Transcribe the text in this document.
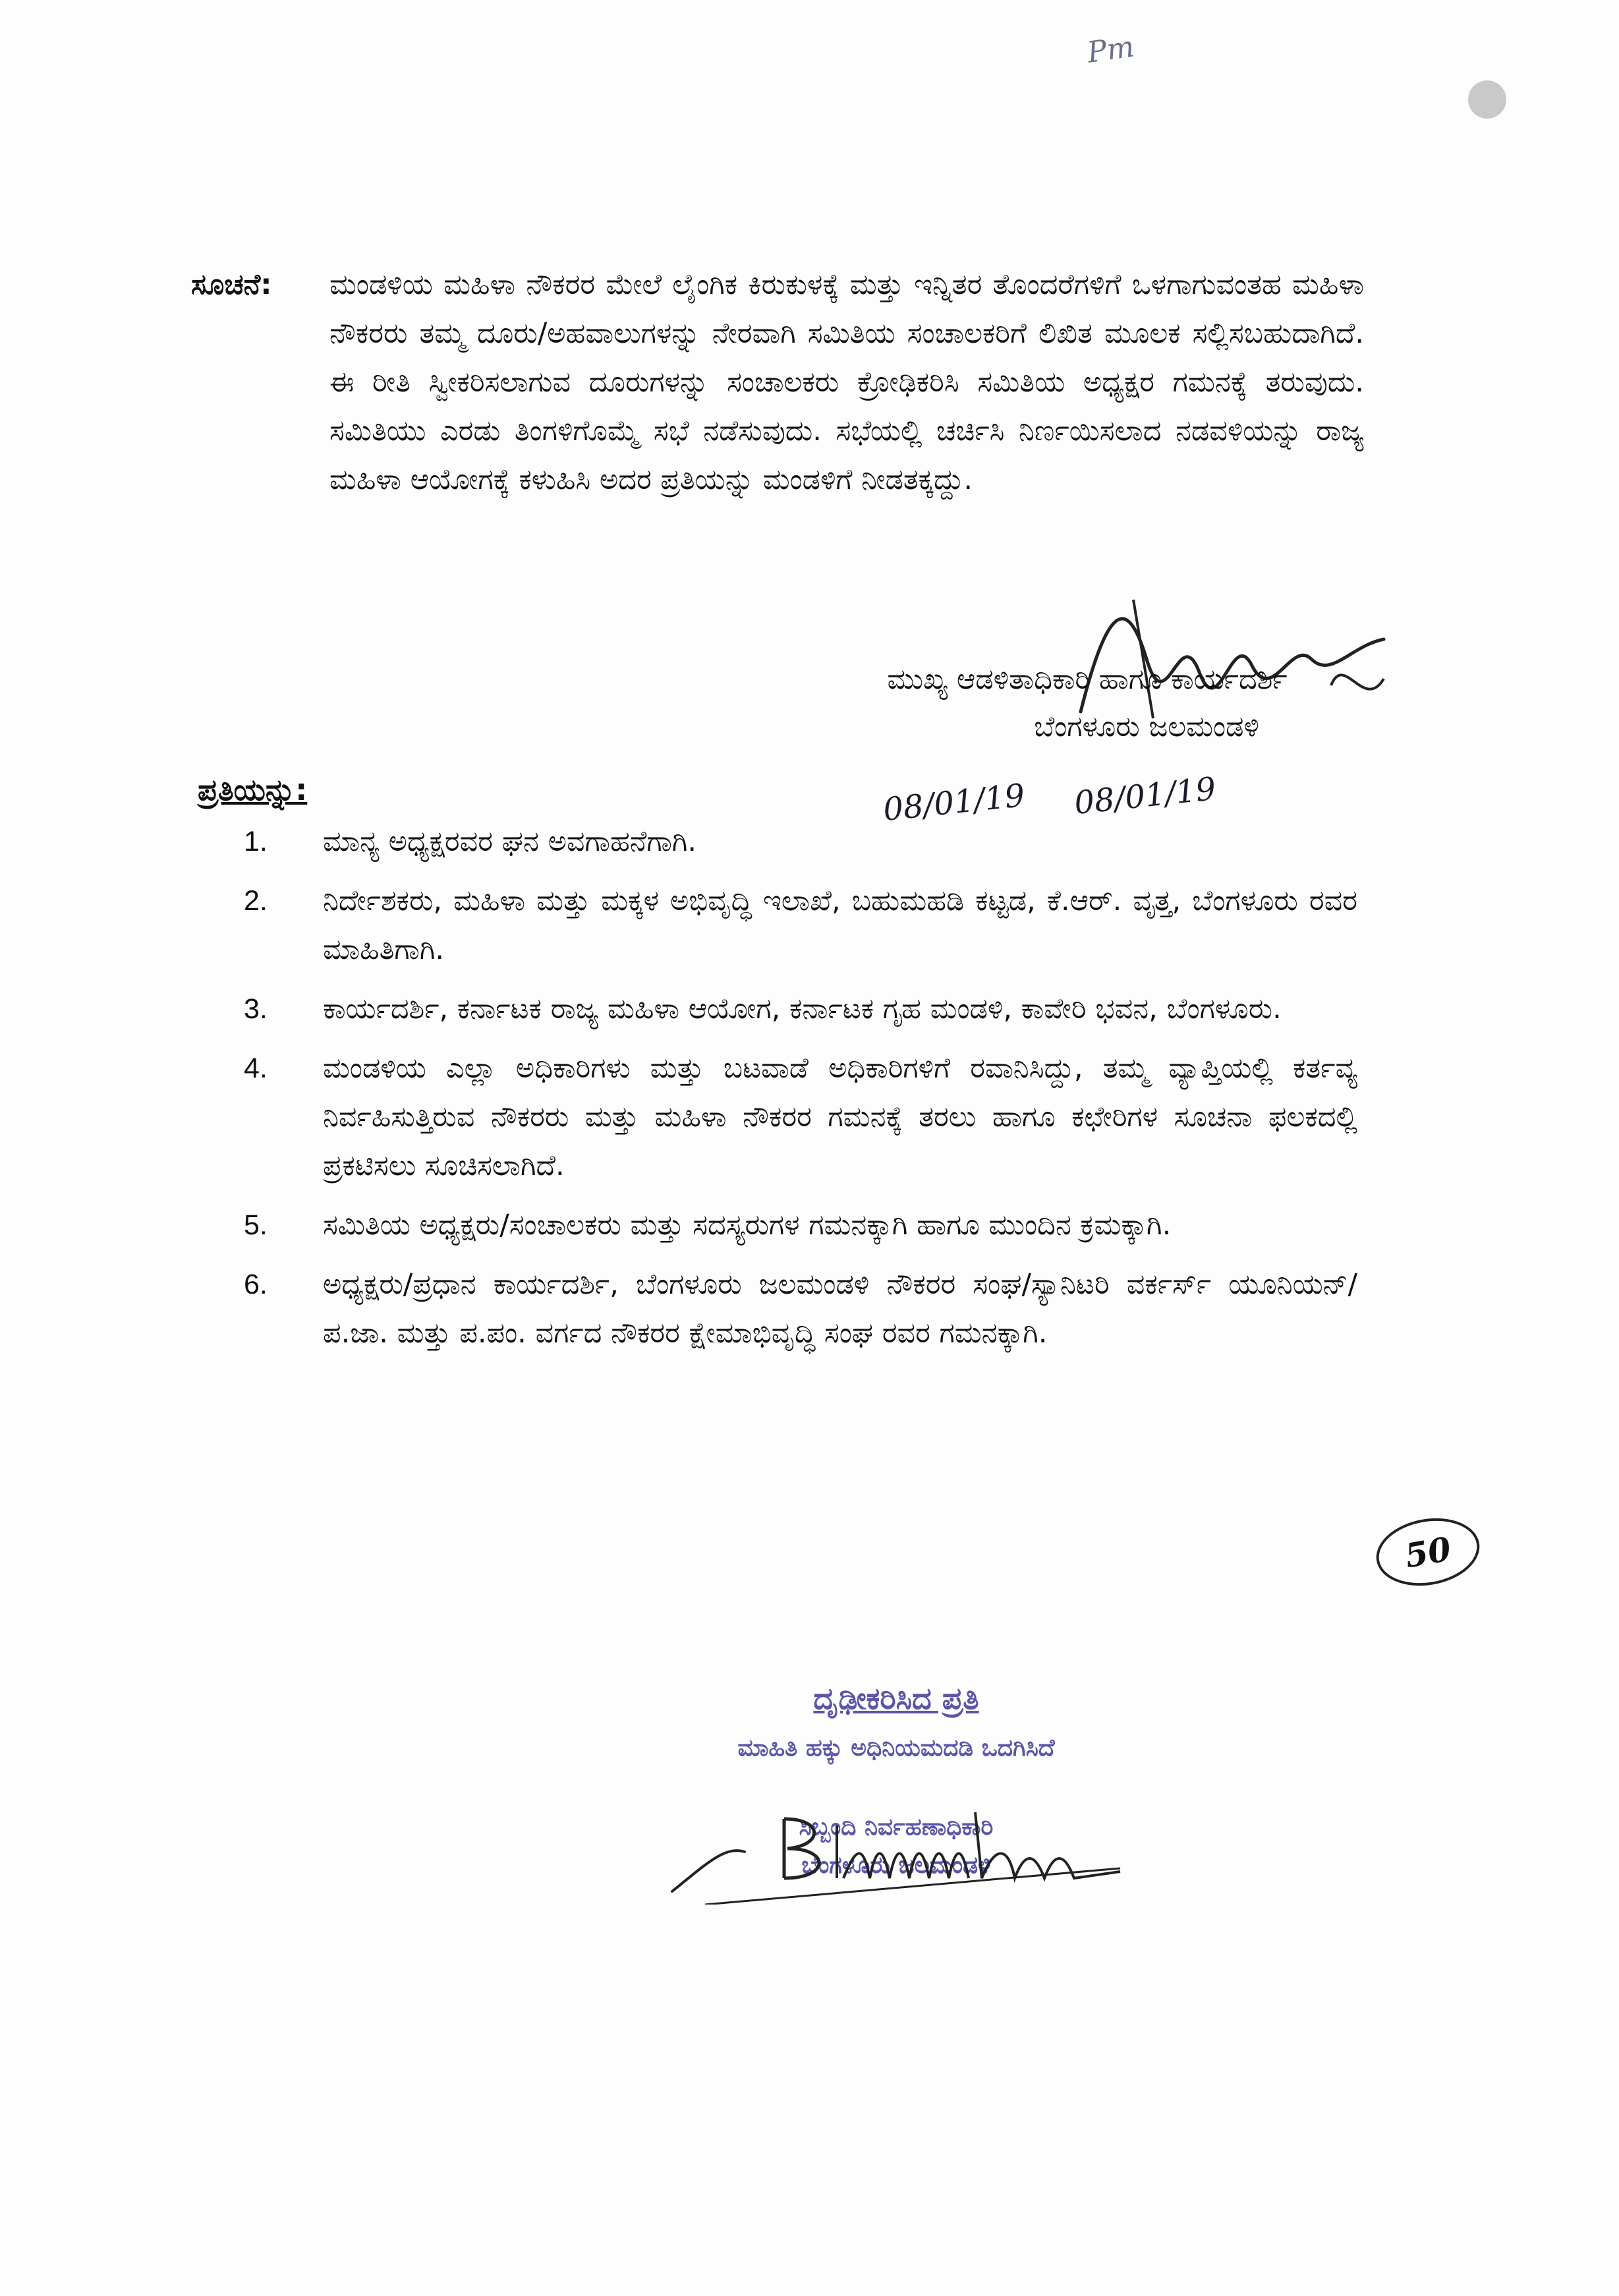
Pm
ಸೂಚನೆ: ಮಂಡಳಿಯ ಮಹಿಳಾ ನೌಕರರ ಮೇಲೆ ಲೈಂಗಿಕ ಕಿರುಕುಳಕ್ಕೆ ಮತ್ತು ಇನ್ನಿತರ ತೊಂದರೆಗಳಿಗೆ ಒಳಗಾಗುವಂತಹ ಮಹಿಳಾ ನೌಕರರು ತಮ್ಮ ದೂರು/ಅಹವಾಲುಗಳನ್ನು ನೇರವಾಗಿ ಸಮಿತಿಯ ಸಂಚಾಲಕರಿಗೆ ಲಿಖಿತ ಮೂಲಕ ಸಲ್ಲಿಸಬಹುದಾಗಿದೆ. ಈ ರೀತಿ ಸ್ವೀಕರಿಸಲಾಗುವ ದೂರುಗಳನ್ನು ಸಂಚಾಲಕರು ಕ್ರೋಢಿಕರಿಸಿ ಸಮಿತಿಯ ಅಧ್ಯಕ್ಷರ ಗಮನಕ್ಕೆ ತರುವುದು. ಸಮಿತಿಯು ಎರಡು ತಿಂಗಳಿಗೊಮ್ಮೆ ಸಭೆ ನಡೆಸುವುದು. ಸಭೆಯಲ್ಲಿ ಚರ್ಚಿಸಿ ನಿರ್ಣಯಿಸಲಾದ ನಡವಳಿಯನ್ನು ರಾಜ್ಯ ಮಹಿಳಾ ಆಯೋಗಕ್ಕೆ ಕಳುಹಿಸಿ ಅದರ ಪ್ರತಿಯನ್ನು ಮಂಡಳಿಗೆ ನೀಡತಕ್ಕದ್ದು.
ಮುಖ್ಯ ಆಡಳಿತಾಧಿಕಾರಿ ಹಾಗೂ ಕಾರ್ಯದರ್ಶಿ
ಬೆಂಗಳೂರು ಜಲಮಂಡಳಿ
08/01/19 08/01/19
ಪ್ರತಿಯನ್ನು:
1.	ಮಾನ್ಯ ಅಧ್ಯಕ್ಷರವರ ಘನ ಅವಗಾಹನೆಗಾಗಿ.
2.	ನಿರ್ದೇಶಕರು, ಮಹಿಳಾ ಮತ್ತು ಮಕ್ಕಳ ಅಭಿವೃದ್ಧಿ ಇಲಾಖೆ, ಬಹುಮಹಡಿ ಕಟ್ಟಡ, ಕೆ.ಆರ್. ವೃತ್ತ, ಬೆಂಗಳೂರು ರವರ ಮಾಹಿತಿಗಾಗಿ.
3.	ಕಾರ್ಯದರ್ಶಿ, ಕರ್ನಾಟಕ ರಾಜ್ಯ ಮಹಿಳಾ ಆಯೋಗ, ಕರ್ನಾಟಕ ಗೃಹ ಮಂಡಳಿ, ಕಾವೇರಿ ಭವನ, ಬೆಂಗಳೂರು.
4.	ಮಂಡಳಿಯ ಎಲ್ಲಾ ಅಧಿಕಾರಿಗಳು ಮತ್ತು ಬಟವಾಡೆ ಅಧಿಕಾರಿಗಳಿಗೆ ರವಾನಿಸಿದ್ದು, ತಮ್ಮ ವ್ಯಾಪ್ತಿಯಲ್ಲಿ ಕರ್ತವ್ಯ ನಿರ್ವಹಿಸುತ್ತಿರುವ ನೌಕರರು ಮತ್ತು ಮಹಿಳಾ ನೌಕರರ ಗಮನಕ್ಕೆ ತರಲು ಹಾಗೂ ಕಛೇರಿಗಳ ಸೂಚನಾ ಫಲಕದಲ್ಲಿ ಪ್ರಕಟಿಸಲು ಸೂಚಿಸಲಾಗಿದೆ.
5.	ಸಮಿತಿಯ ಅಧ್ಯಕ್ಷರು/ಸಂಚಾಲಕರು ಮತ್ತು ಸದಸ್ಯರುಗಳ ಗಮನಕ್ಕಾಗಿ ಹಾಗೂ ಮುಂದಿನ ಕ್ರಮಕ್ಕಾಗಿ.
6.	ಅಧ್ಯಕ್ಷರು/ಪ್ರಧಾನ ಕಾರ್ಯದರ್ಶಿ, ಬೆಂಗಳೂರು ಜಲಮಂಡಳಿ ನೌಕರರ ಸಂಘ/ಸ್ಯಾನಿಟರಿ ವರ್ಕರ್ಸ್ ಯೂನಿಯನ್/ಪ.ಜಾ. ಮತ್ತು ಪ.ಪಂ. ವರ್ಗದ ನೌಕರರ ಕ್ಷೇಮಾಭಿವೃದ್ಧಿ ಸಂಘ ರವರ ಗಮನಕ್ಕಾಗಿ.
50
ದೃಢೀಕರಿಸಿದ ಪ್ರತಿ
ಮಾಹಿತಿ ಹಕ್ಕು ಅಧಿನಿಯಮದಡಿ ಒದಗಿಸಿದೆ
ಸಿಬ್ಬಂದಿ ನಿರ್ವಹಣಾಧಿಕಾರಿ
ಬೆಂಗಳೂರು ಜಲಮಂಡಳಿ
